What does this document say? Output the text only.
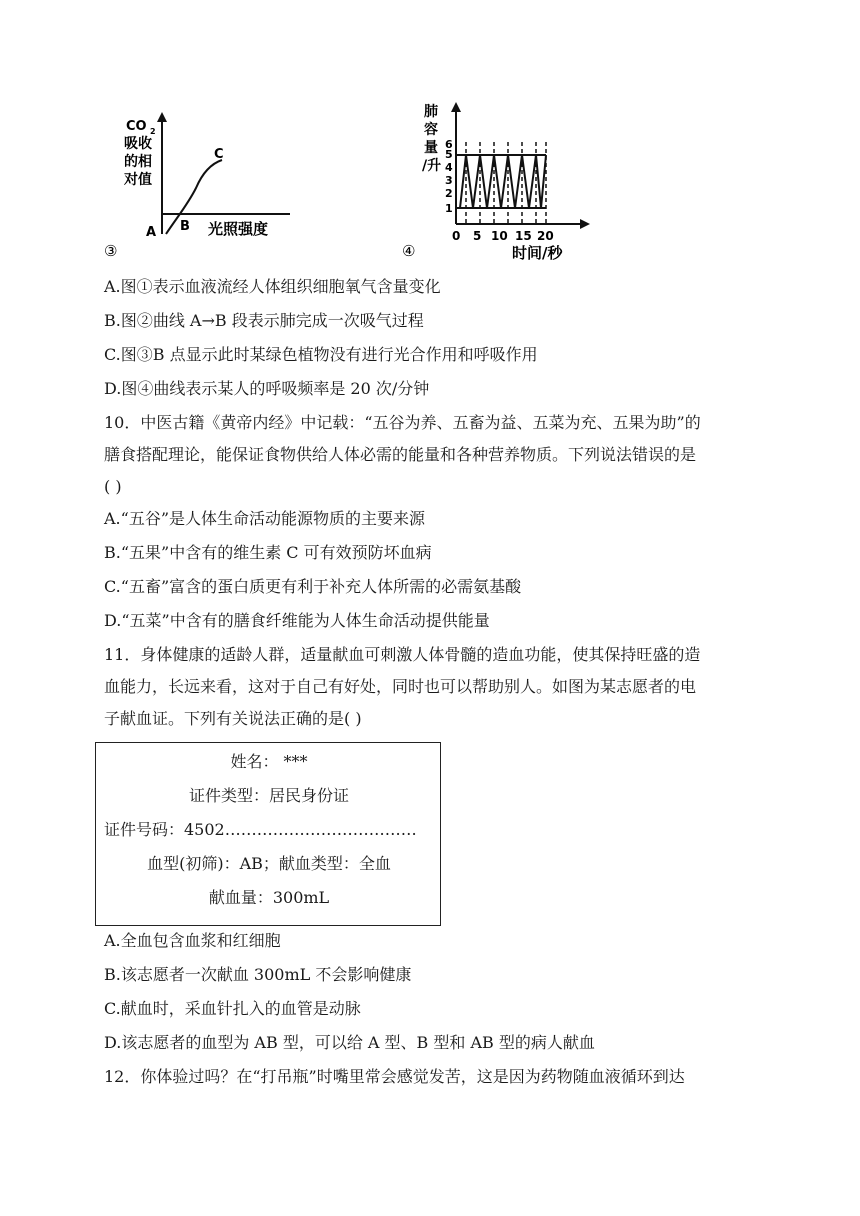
CO 2
吸收
的相
对值
A B
C
光照强度
③
肺
容
量
/升
6
5
4
3
2
1
0 5 10 15 20
时间/秒
④
A.图①表示血液流经人体组织细胞氧气含量变化
B.图②曲线 A→B 段表示肺完成一次吸气过程
C.图③B 点显示此时某绿色植物没有进行光合作用和呼吸作用
D.图④曲线表示某人的呼吸频率是 20 次/分钟
10．中医古籍《黄帝内经》中记载：“五谷为养、五畜为益、五菜为充、五果为助”的
膳食搭配理论，能保证食物供给人体必需的能量和各种营养物质。下列说法错误的是
( )
A.“五谷”是人体生命活动能源物质的主要来源
B.“五果”中含有的维生素 C 可有效预防坏血病
C.“五畜”富含的蛋白质更有利于补充人体所需的必需氨基酸
D.“五菜”中含有的膳食纤维能为人体生命活动提供能量
11．身体健康的适龄人群，适量献血可刺激人体骨髓的造血功能，使其保持旺盛的造
血能力，长远来看，这对于自己有好处，同时也可以帮助别人。如图为某志愿者的电
子献血证。下列有关说法正确的是( )
姓名： ***
证件类型：居民身份证
证件号码：4502………………………………
血型(初筛)：AB；献血类型：全血
献血量：300mL
A.全血包含血浆和红细胞
B.该志愿者一次献血 300mL 不会影响健康
C.献血时，采血针扎入的血管是动脉
D.该志愿者的血型为 AB 型，可以给 A 型、B 型和 AB 型的病人献血
12．你体验过吗？在“打吊瓶”时嘴里常会感觉发苦，这是因为药物随血液循环到达
